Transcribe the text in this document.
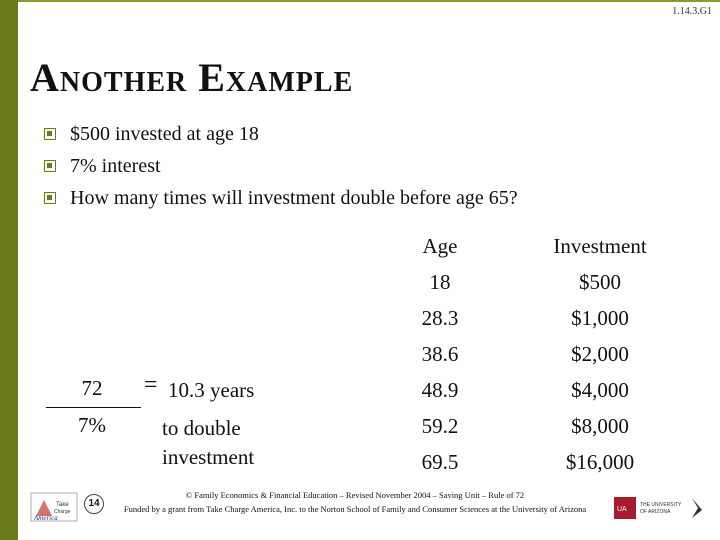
1.14.3.G1
Another Example
$500 invested at age 18
7% interest
How many times will investment double before age 65?
Age
18
28.3
38.6
48.9
59.2
69.5
Investment
$500
$1,000
$2,000
$4,000
$8,000
$16,000
72
7%
= 10.3 years
to double investment
Take
Charge
America
14
© Family Economics & Financial Education – Revised November 2004 – Saving Unit – Rule of 72
Funded by a grant from Take Charge America, Inc. to the Norton School of Family and Consumer Sciences at the University of Arizona	UA
THE UNIVERSITY
OF ARIZONA
